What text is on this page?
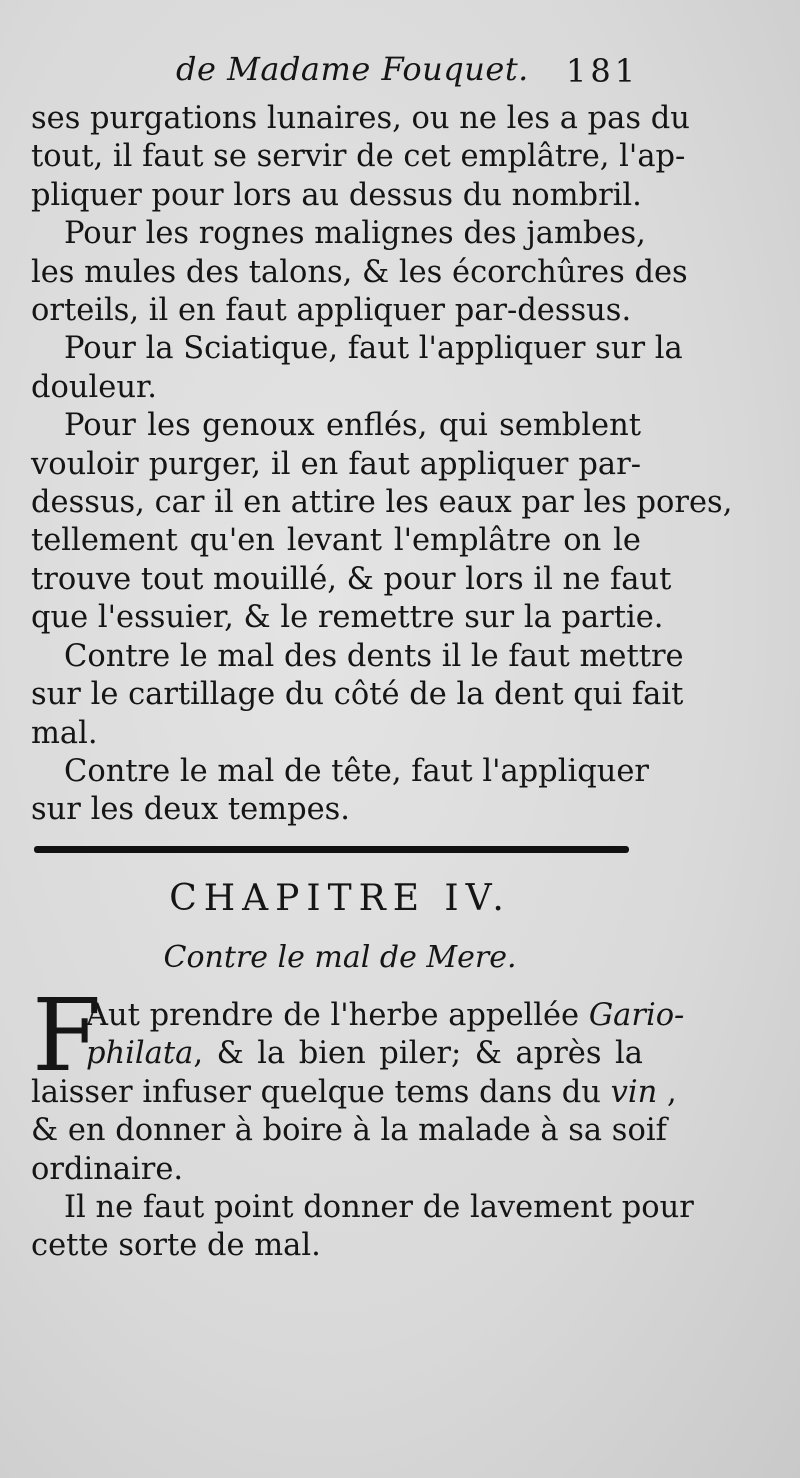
de Madame Fouquet. 181
ses purgations lunaires, ou ne les a pas du
tout, il faut se servir de cet emplâtre, l'ap-
pliquer pour lors au dessus du nombril.
Pour les rognes malignes des jambes,
les mules des talons, & les écorchûres des
orteils, il en faut appliquer par-dessus.
Pour la Sciatique, faut l'appliquer sur la
douleur.
Pour les genoux enflés, qui semblent
vouloir purger, il en faut appliquer par-
dessus, car il en attire les eaux par les pores,
tellement qu'en levant l'emplâtre on le
trouve tout mouillé, & pour lors il ne faut
que l'essuier, & le remettre sur la partie.
Contre le mal des dents il le faut mettre
sur le cartillage du côté de la dent qui fait
mal.
Contre le mal de tête, faut l'appliquer
sur les deux tempes.
CHAPITRE IV.
Contre le mal de Mere.
F
Aut prendre de l'herbe appellée Gario-
philata, & la bien piler; & après la
laisser infuser quelque tems dans du vin ,
& en donner à boire à la malade à sa soif
ordinaire.
Il ne faut point donner de lavement pour
cette sorte de mal.
